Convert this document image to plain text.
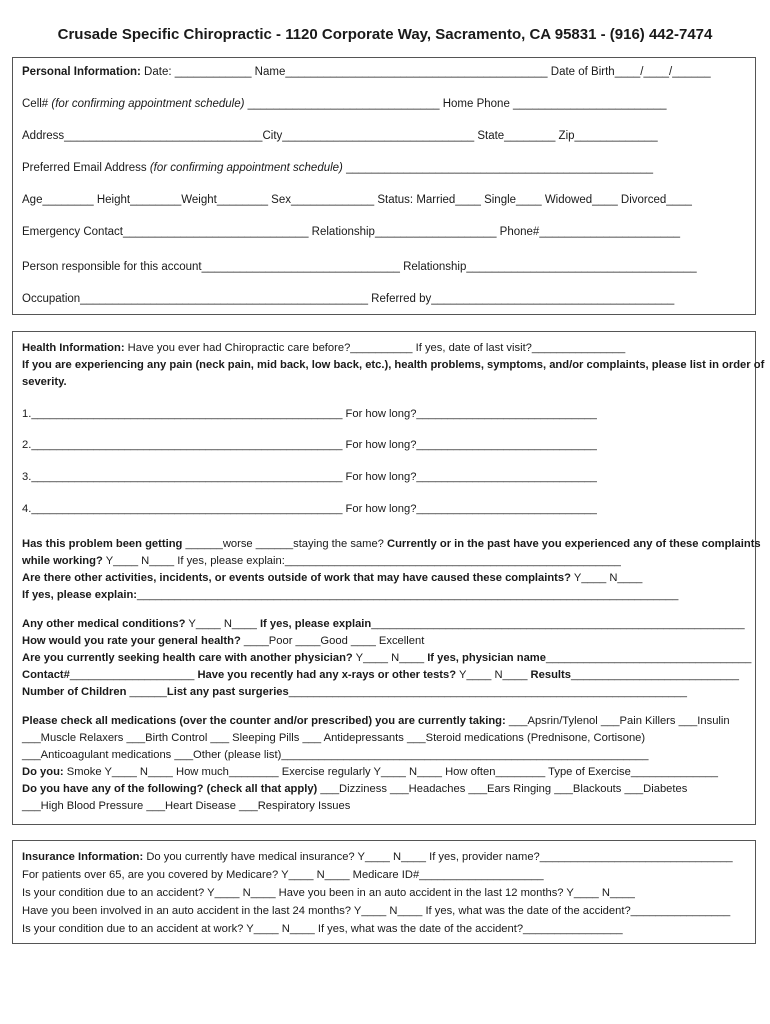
Crusade Specific Chiropractic - 1120 Corporate Way, Sacramento, CA 95831 - (916) 442-7474
Personal Information: Date: ____________ Name_________________________________________ Date of Birth____/____/______
Cell# (for confirming appointment schedule) ______________________________ Home Phone ________________________
Address_______________________________City______________________________ State________ Zip_____________
Preferred Email Address (for confirming appointment schedule) ________________________________________________
Age________ Height________Weight________ Sex_____________ Status: Married____ Single____ Widowed____ Divorced____
Emergency Contact_____________________________ Relationship___________________ Phone#______________________
Person responsible for this account_______________________________ Relationship____________________________________
Occupation_____________________________________________ Referred by______________________________________
Health Information: Have you ever had Chiropractic care before?__________ If yes, date of last visit?_______________
If you are experiencing any pain (neck pain, mid back, low back, etc.), health problems, symptoms, and/or complaints, please list in order of
severity.
1.__________________________________________________ For how long?_____________________________
2.__________________________________________________ For how long?_____________________________
3.__________________________________________________ For how long?_____________________________
4.__________________________________________________ For how long?_____________________________
Has this problem been getting ______worse ______staying the same? Currently or in the past have you experienced any of these complaints
while working? Y____ N____ If yes, please explain:______________________________________________________
Are there other activities, incidents, or events outside of work that may have caused these complaints? Y____ N____
If yes, please explain:_______________________________________________________________________________________
Any other medical conditions? Y____ N____ If yes, please explain____________________________________________________________
How would you rate your general health? ____Poor ____Good ____ Excellent
Are you currently seeking health care with another physician? Y____ N____ If yes, physician name_________________________________
Contact#____________________ Have you recently had any x-rays or other tests? Y____ N____ Results___________________________
Number of Children ______List any past surgeries________________________________________________________________
Please check all medications (over the counter and/or prescribed) you are currently taking: ___Apsrin/Tylenol ___Pain Killers ___Insulin
___Muscle Relaxers ___Birth Control ___ Sleeping Pills ___ Antidepressants ___Steroid medications (Prednisone, Cortisone)
___Anticoagulant medications ___Other (please list)___________________________________________________________
Do you: Smoke Y____ N____ How much________ Exercise regularly Y____ N____ How often________ Type of Exercise______________
Do you have any of the following? (check all that apply) ___Dizziness ___Headaches ___Ears Ringing ___Blackouts ___Diabetes
___High Blood Pressure ___Heart Disease ___Respiratory Issues
Insurance Information: Do you currently have medical insurance? Y____ N____ If yes, provider name?_______________________________
For patients over 65, are you covered by Medicare? Y____ N____ Medicare ID#____________________
Is your condition due to an accident? Y____ N____ Have you been in an auto accident in the last 12 months? Y____ N____
Have you been involved in an auto accident in the last 24 months? Y____ N____ If yes, what was the date of the accident?________________
Is your condition due to an accident at work? Y____ N____ If yes, what was the date of the accident?________________
